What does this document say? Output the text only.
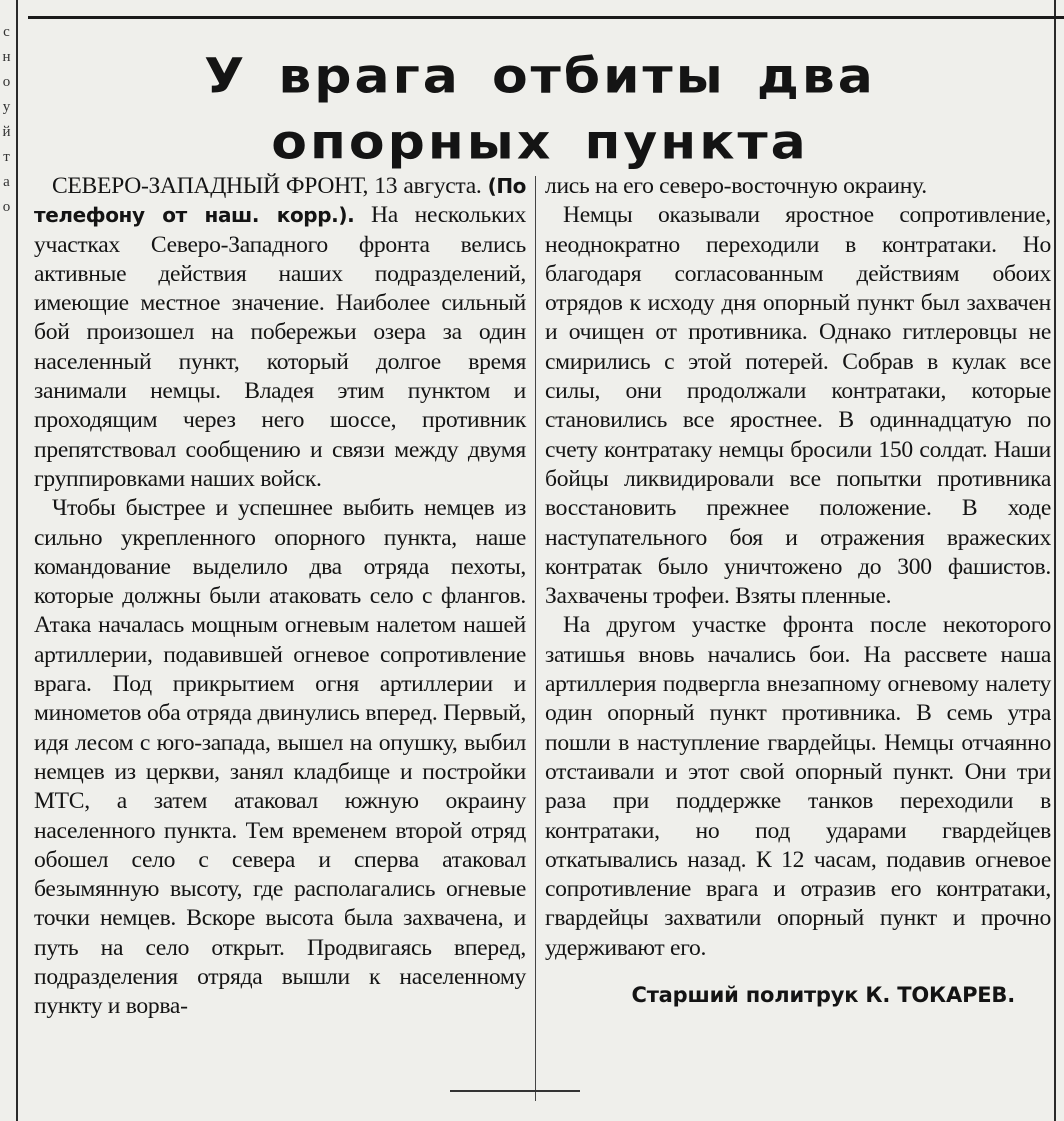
с
н
о
у
й
т
а
о
У врага отбиты два
опорных пункта

СЕВЕРО-ЗАПАДНЫЙ ФРОНТ, 13 августа. (По телефону от наш. корр.). На нескольких участках Северо-Западного фронта велись активные действия наших подразделений, имеющие местное значение. Наиболее сильный бой произошел на побережьи озера за один населенный пункт, который долгое время занимали немцы. Владея этим пунктом и проходящим через него шоссе, противник препятствовал сообщению и связи между двумя группировками наших войск.

Чтобы быстрее и успешнее выбить немцев из сильно укрепленного опорного пункта, наше командование выделило два отряда пехоты, которые должны были атаковать село с флангов. Атака началась мощным огневым налетом нашей артиллерии, подавившей огневое сопротивление врага. Под прикрытием огня артиллерии и минометов оба отряда двинулись вперед. Первый, идя лесом с юго-запада, вышел на опушку, выбил немцев из церкви, занял кладбище и постройки МТС, а затем атаковал южную окраину населенного пункта. Тем временем второй отряд обошел село с севера и сперва атаковал безымянную высоту, где располагались огневые точки немцев. Вскоре высота была захвачена, и путь на село открыт. Продвигаясь вперед, подразделения отряда вышли к населенному пункту и ворва-

лись на его северо-восточную окраину.

Немцы оказывали яростное сопротивление, неоднократно переходили в контратаки. Но благодаря согласованным действиям обоих отрядов к исходу дня опорный пункт был захвачен и очищен от противника. Однако гитлеровцы не смирились с этой потерей. Собрав в кулак все силы, они продолжали контратаки, которые становились все яростнее. В одиннадцатую по счету контратаку немцы бросили 150 солдат. Наши бойцы ликвидировали все попытки противника восстановить прежнее положение. В ходе наступательного боя и отражения вражеских контратак было уничтожено до 300 фашистов. Захвачены трофеи. Взяты пленные.

На другом участке фронта после некоторого затишья вновь начались бои. На рассвете наша артиллерия подвергла внезапному огневому налету один опорный пункт противника. В семь утра пошли в наступление гвардейцы. Немцы отчаянно отстаивали и этот свой опорный пункт. Они три раза при поддержке танков переходили в контратаки, но под ударами гвардейцев откатывались назад. К 12 часам, подавив огневое сопротивление врага и отразив его контратаки, гвардейцы захватили опорный пункт и прочно удерживают его.

Старший политрук К. ТОКАРЕВ.
